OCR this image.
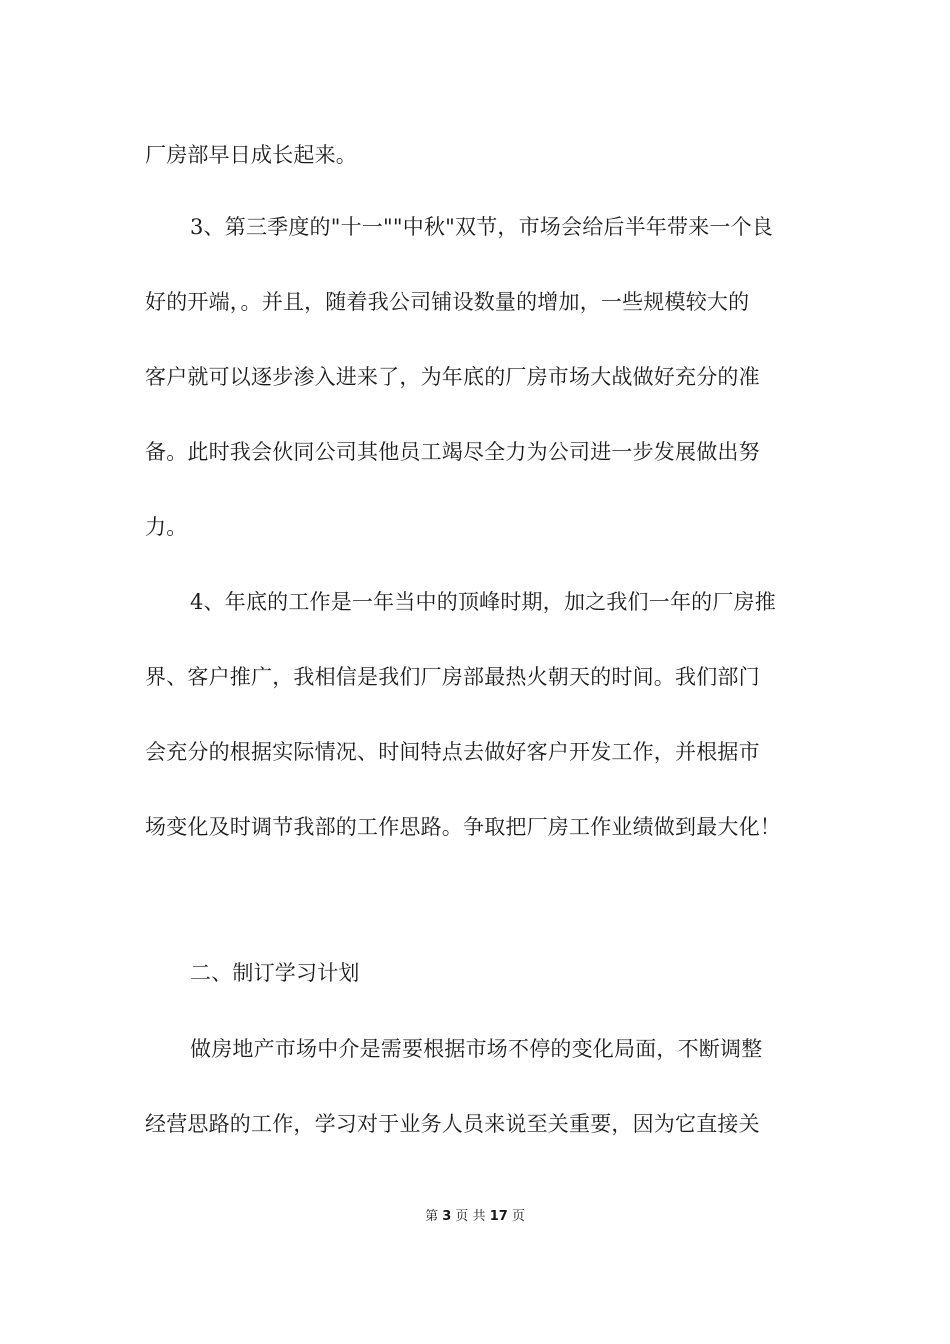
厂房部早日成长起来。
3、第三季度的"十一""中秋"双节，市场会给后半年带来一个良
好的开端，。并且，随着我公司铺设数量的增加，一些规模较大的
客户就可以逐步渗入进来了，为年底的厂房市场大战做好充分的准
备。此时我会伙同公司其他员工竭尽全力为公司进一步发展做出努
力。
4、年底的工作是一年当中的顶峰时期，加之我们一年的厂房推
界、客户推广，我相信是我们厂房部最热火朝天的时间。我们部门
会充分的根据实际情况、时间特点去做好客户开发工作，并根据市
场变化及时调节我部的工作思路。争取把厂房工作业绩做到最大化！
二、制订学习计划
做房地产市场中介是需要根据市场不停的变化局面，不断调整
经营思路的工作，学习对于业务人员来说至关重要，因为它直接关
第 3 页 共 17 页
